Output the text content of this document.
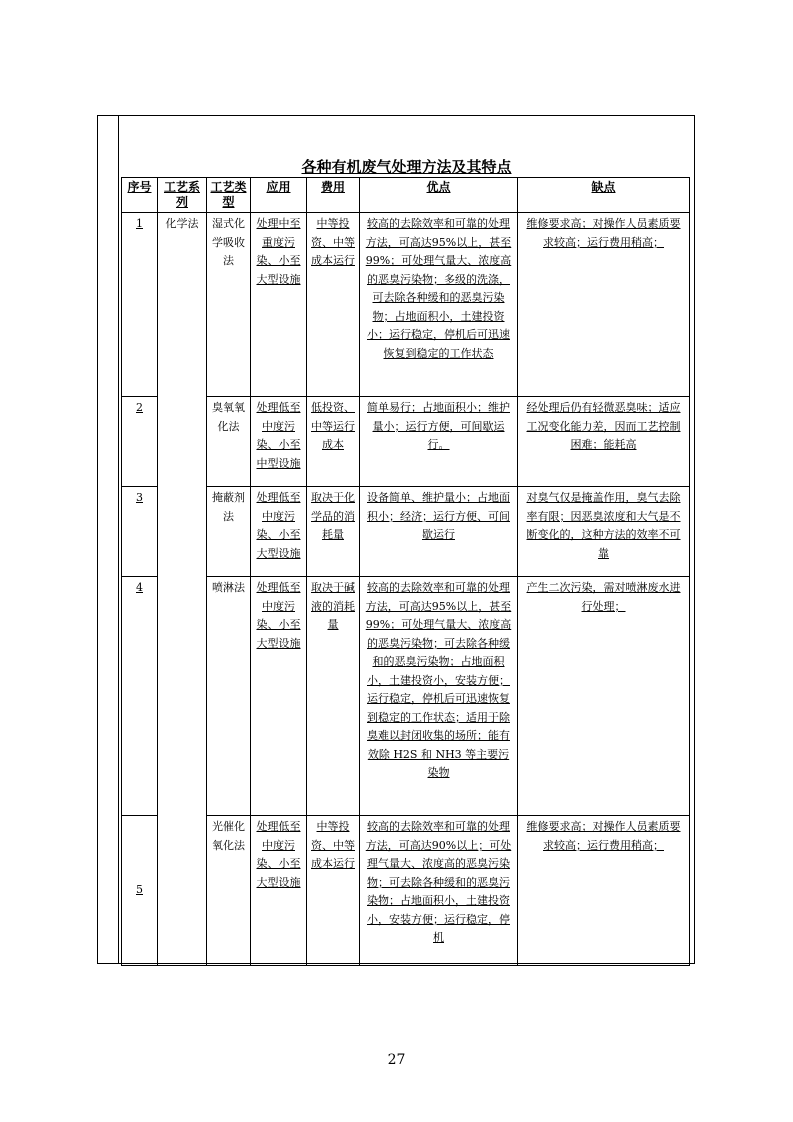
各种有机废气处理方法及其特点
序号	工艺系列	工艺类型	应用	费用	优点	缺点
1	化学法	湿式化学吸收法	处理中至重度污染、小至大型设施	中等投资、中等成本运行	较高的去除效率和可靠的处理方法，可高达95%以上，甚至 99%；可处理气量大、浓度高的恶臭污染物；多级的洗涤，可去除各种缓和的恶臭污染物；占地面积小，土建投资小；运行稳定，停机后可迅速恢复到稳定的工作状态	维修要求高；对操作人员素质要求较高；运行费用稍高；
2		臭氧氧化法	处理低至中度污染、小至中型设施	低投资、中等运行成本	简单易行；占地面积小；维护量小；运行方便，可间歇运行。	经处理后仍有轻微恶臭味；适应工况变化能力差，因而工艺控制困难；能耗高
3		掩蔽剂法	处理低至中度污染、小至大型设施	取决于化学品的消耗量	设备简单、维护量小；占地面积小；经济；运行方便、可间歇运行	对臭气仅是掩盖作用，臭气去除率有限；因恶臭浓度和大气是不断变化的，这种方法的效率不可靠
4		喷淋法	处理低至中度污染、小至大型设施	取决于碱液的消耗量	较高的去除效率和可靠的处理方法，可高达95%以上，甚至 99%；可处理气量大、浓度高的恶臭污染物；可去除各种缓和的恶臭污染物；占地面积小，土建投资小，安装方便；运行稳定，停机后可迅速恢复到稳定的工作状态；适用于除臭难以封闭收集的场所；能有效除 H2S 和 NH3 等主要污染物	产生二次污染，需对喷淋废水进行处理；
5		光催化氧化法	处理低至中度污染、小至大型设施	中等投资、中等成本运行	较高的去除效率和可靠的处理方法，可高达90%以上；可处理气量大、浓度高的恶臭污染物；可去除各种缓和的恶臭污染物；占地面积小，土建投资小，安装方便；运行稳定，停机	维修要求高；对操作人员素质要求较高；运行费用稍高；
27
